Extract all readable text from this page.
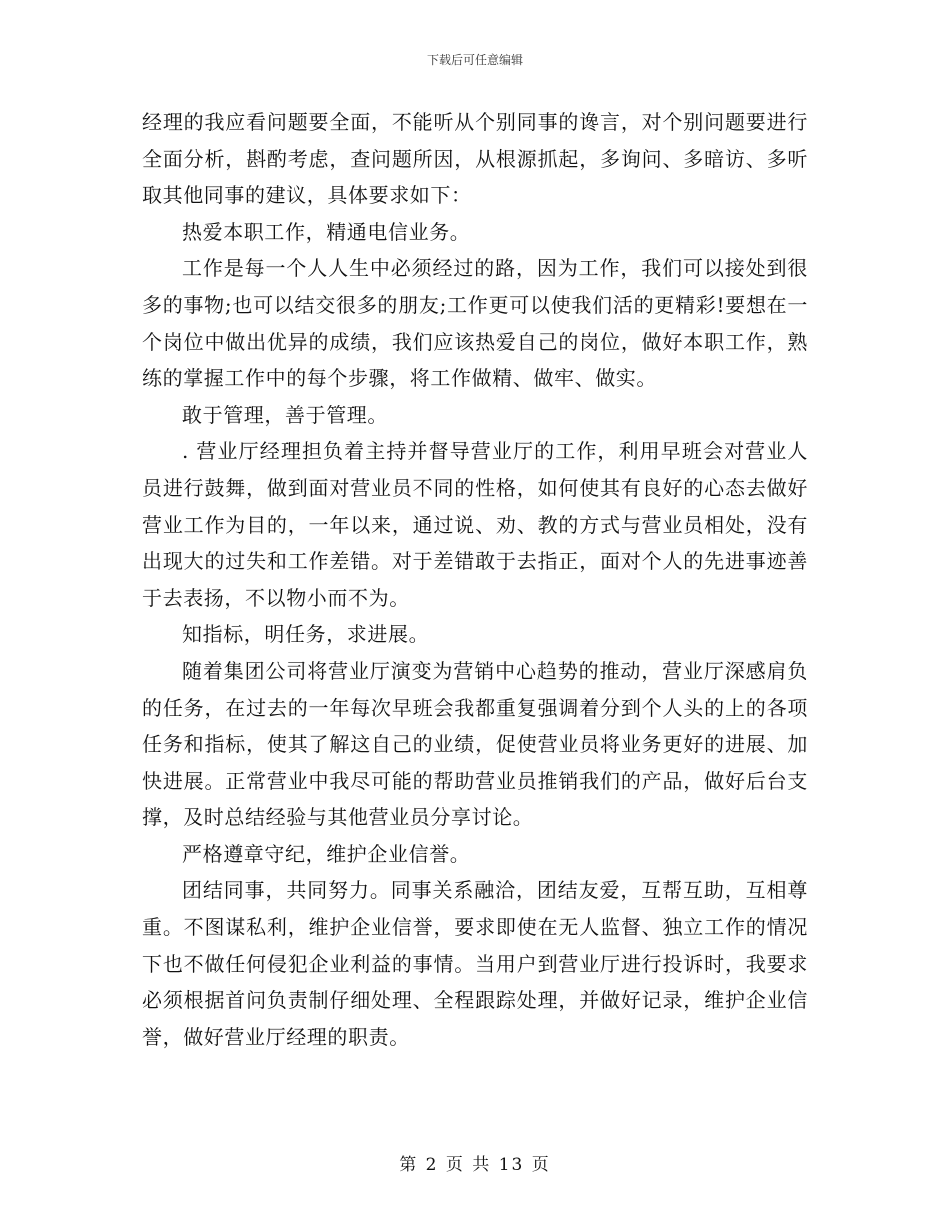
下载后可任意编辑

经理的我应看问题要全面，不能听从个别同事的谗言，对个别问题要进行全面分析，斟酌考虑，查问题所因，从根源抓起，多询问、多暗访、多听取其他同事的建议，具体要求如下：

热爱本职工作，精通电信业务。

工作是每一个人人生中必须经过的路，因为工作，我们可以接处到很多的事物;也可以结交很多的朋友;工作更可以使我们活的更精彩!要想在一个岗位中做出优异的成绩，我们应该热爱自己的岗位，做好本职工作，熟练的掌握工作中的每个步骤，将工作做精、做牢、做实。

敢于管理，善于管理。

. 营业厅经理担负着主持并督导营业厅的工作，利用早班会对营业人员进行鼓舞，做到面对营业员不同的性格，如何使其有良好的心态去做好营业工作为目的，一年以来，通过说、劝、教的方式与营业员相处，没有出现大的过失和工作差错。对于差错敢于去指正，面对个人的先进事迹善于去表扬，不以物小而不为。

知指标，明任务，求进展。

随着集团公司将营业厅演变为营销中心趋势的推动，营业厅深感肩负的任务，在过去的一年每次早班会我都重复强调着分到个人头的上的各项任务和指标，使其了解这自己的业绩，促使营业员将业务更好的进展、加快进展。正常营业中我尽可能的帮助营业员推销我们的产品，做好后台支撑，及时总结经验与其他营业员分享讨论。

严格遵章守纪，维护企业信誉。

团结同事，共同努力。同事关系融洽，团结友爱，互帮互助，互相尊重。不图谋私利，维护企业信誉，要求即使在无人监督、独立工作的情况下也不做任何侵犯企业利益的事情。当用户到营业厅进行投诉时，我要求必须根据首问负责制仔细处理、全程跟踪处理，并做好记录，维护企业信誉，做好营业厅经理的职责。

第 2 页 共 13 页
